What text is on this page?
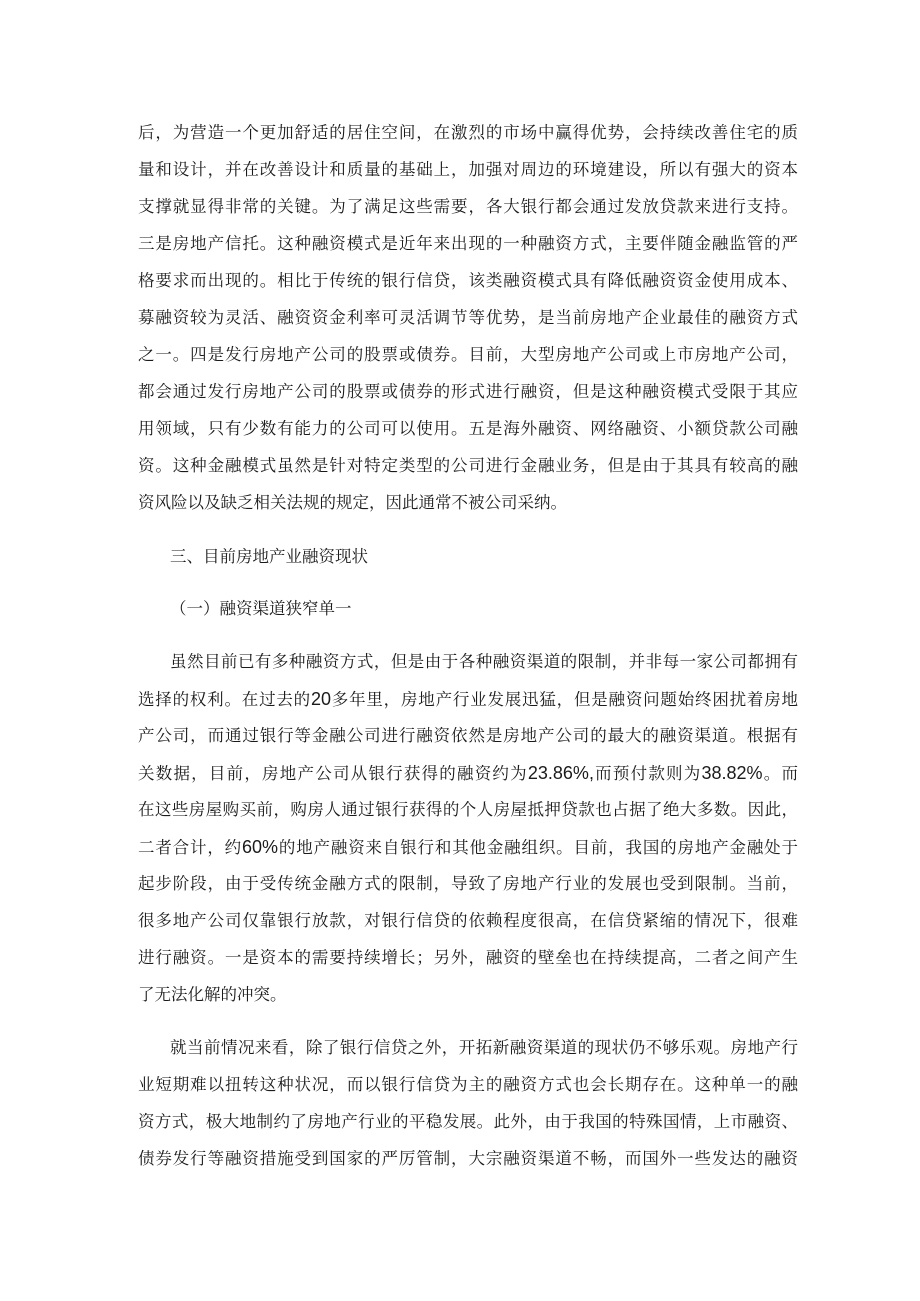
后，为营造一个更加舒适的居住空间，在激烈的市场中赢得优势，会持续改善住宅的质
量和设计，并在改善设计和质量的基础上，加强对周边的环境建设，所以有强大的资本
支撑就显得非常的关键。为了满足这些需要，各大银行都会通过发放贷款来进行支持。
三是房地产信托。这种融资模式是近年来出现的一种融资方式，主要伴随金融监管的严
格要求而出现的。相比于传统的银行信贷，该类融资模式具有降低融资资金使用成本、
募融资较为灵活、融资资金利率可灵活调节等优势，是当前房地产企业最佳的融资方式
之一。四是发行房地产公司的股票或债券。目前，大型房地产公司或上市房地产公司，
都会通过发行房地产公司的股票或债券的形式进行融资，但是这种融资模式受限于其应
用领域，只有少数有能力的公司可以使用。五是海外融资、网络融资、小额贷款公司融
资。这种金融模式虽然是针对特定类型的公司进行金融业务，但是由于其具有较高的融
资风险以及缺乏相关法规的规定，因此通常不被公司采纳。
三、目前房地产业融资现状
（一）融资渠道狭窄单一
虽然目前已有多种融资方式，但是由于各种融资渠道的限制，并非每一家公司都拥有
选择的权利。在过去的20多年里，房地产行业发展迅猛，但是融资问题始终困扰着房地
产公司，而通过银行等金融公司进行融资依然是房地产公司的最大的融资渠道。根据有
关数据，目前，房地产公司从银行获得的融资约为23.86%,而预付款则为38.82%。而
在这些房屋购买前，购房人通过银行获得的个人房屋抵押贷款也占据了绝大多数。因此，
二者合计，约60%的地产融资来自银行和其他金融组织。目前，我国的房地产金融处于
起步阶段，由于受传统金融方式的限制，导致了房地产行业的发展也受到限制。当前，
很多地产公司仅靠银行放款，对银行信贷的依赖程度很高，在信贷紧缩的情况下，很难
进行融资。一是资本的需要持续增长；另外，融资的壁垒也在持续提高，二者之间产生
了无法化解的冲突。
就当前情况来看，除了银行信贷之外，开拓新融资渠道的现状仍不够乐观。房地产行
业短期难以扭转这种状况，而以银行信贷为主的融资方式也会长期存在。这种单一的融
资方式，极大地制约了房地产行业的平稳发展。此外，由于我国的特殊国情，上市融资、
债券发行等融资措施受到国家的严厉管制，大宗融资渠道不畅，而国外一些发达的融资
